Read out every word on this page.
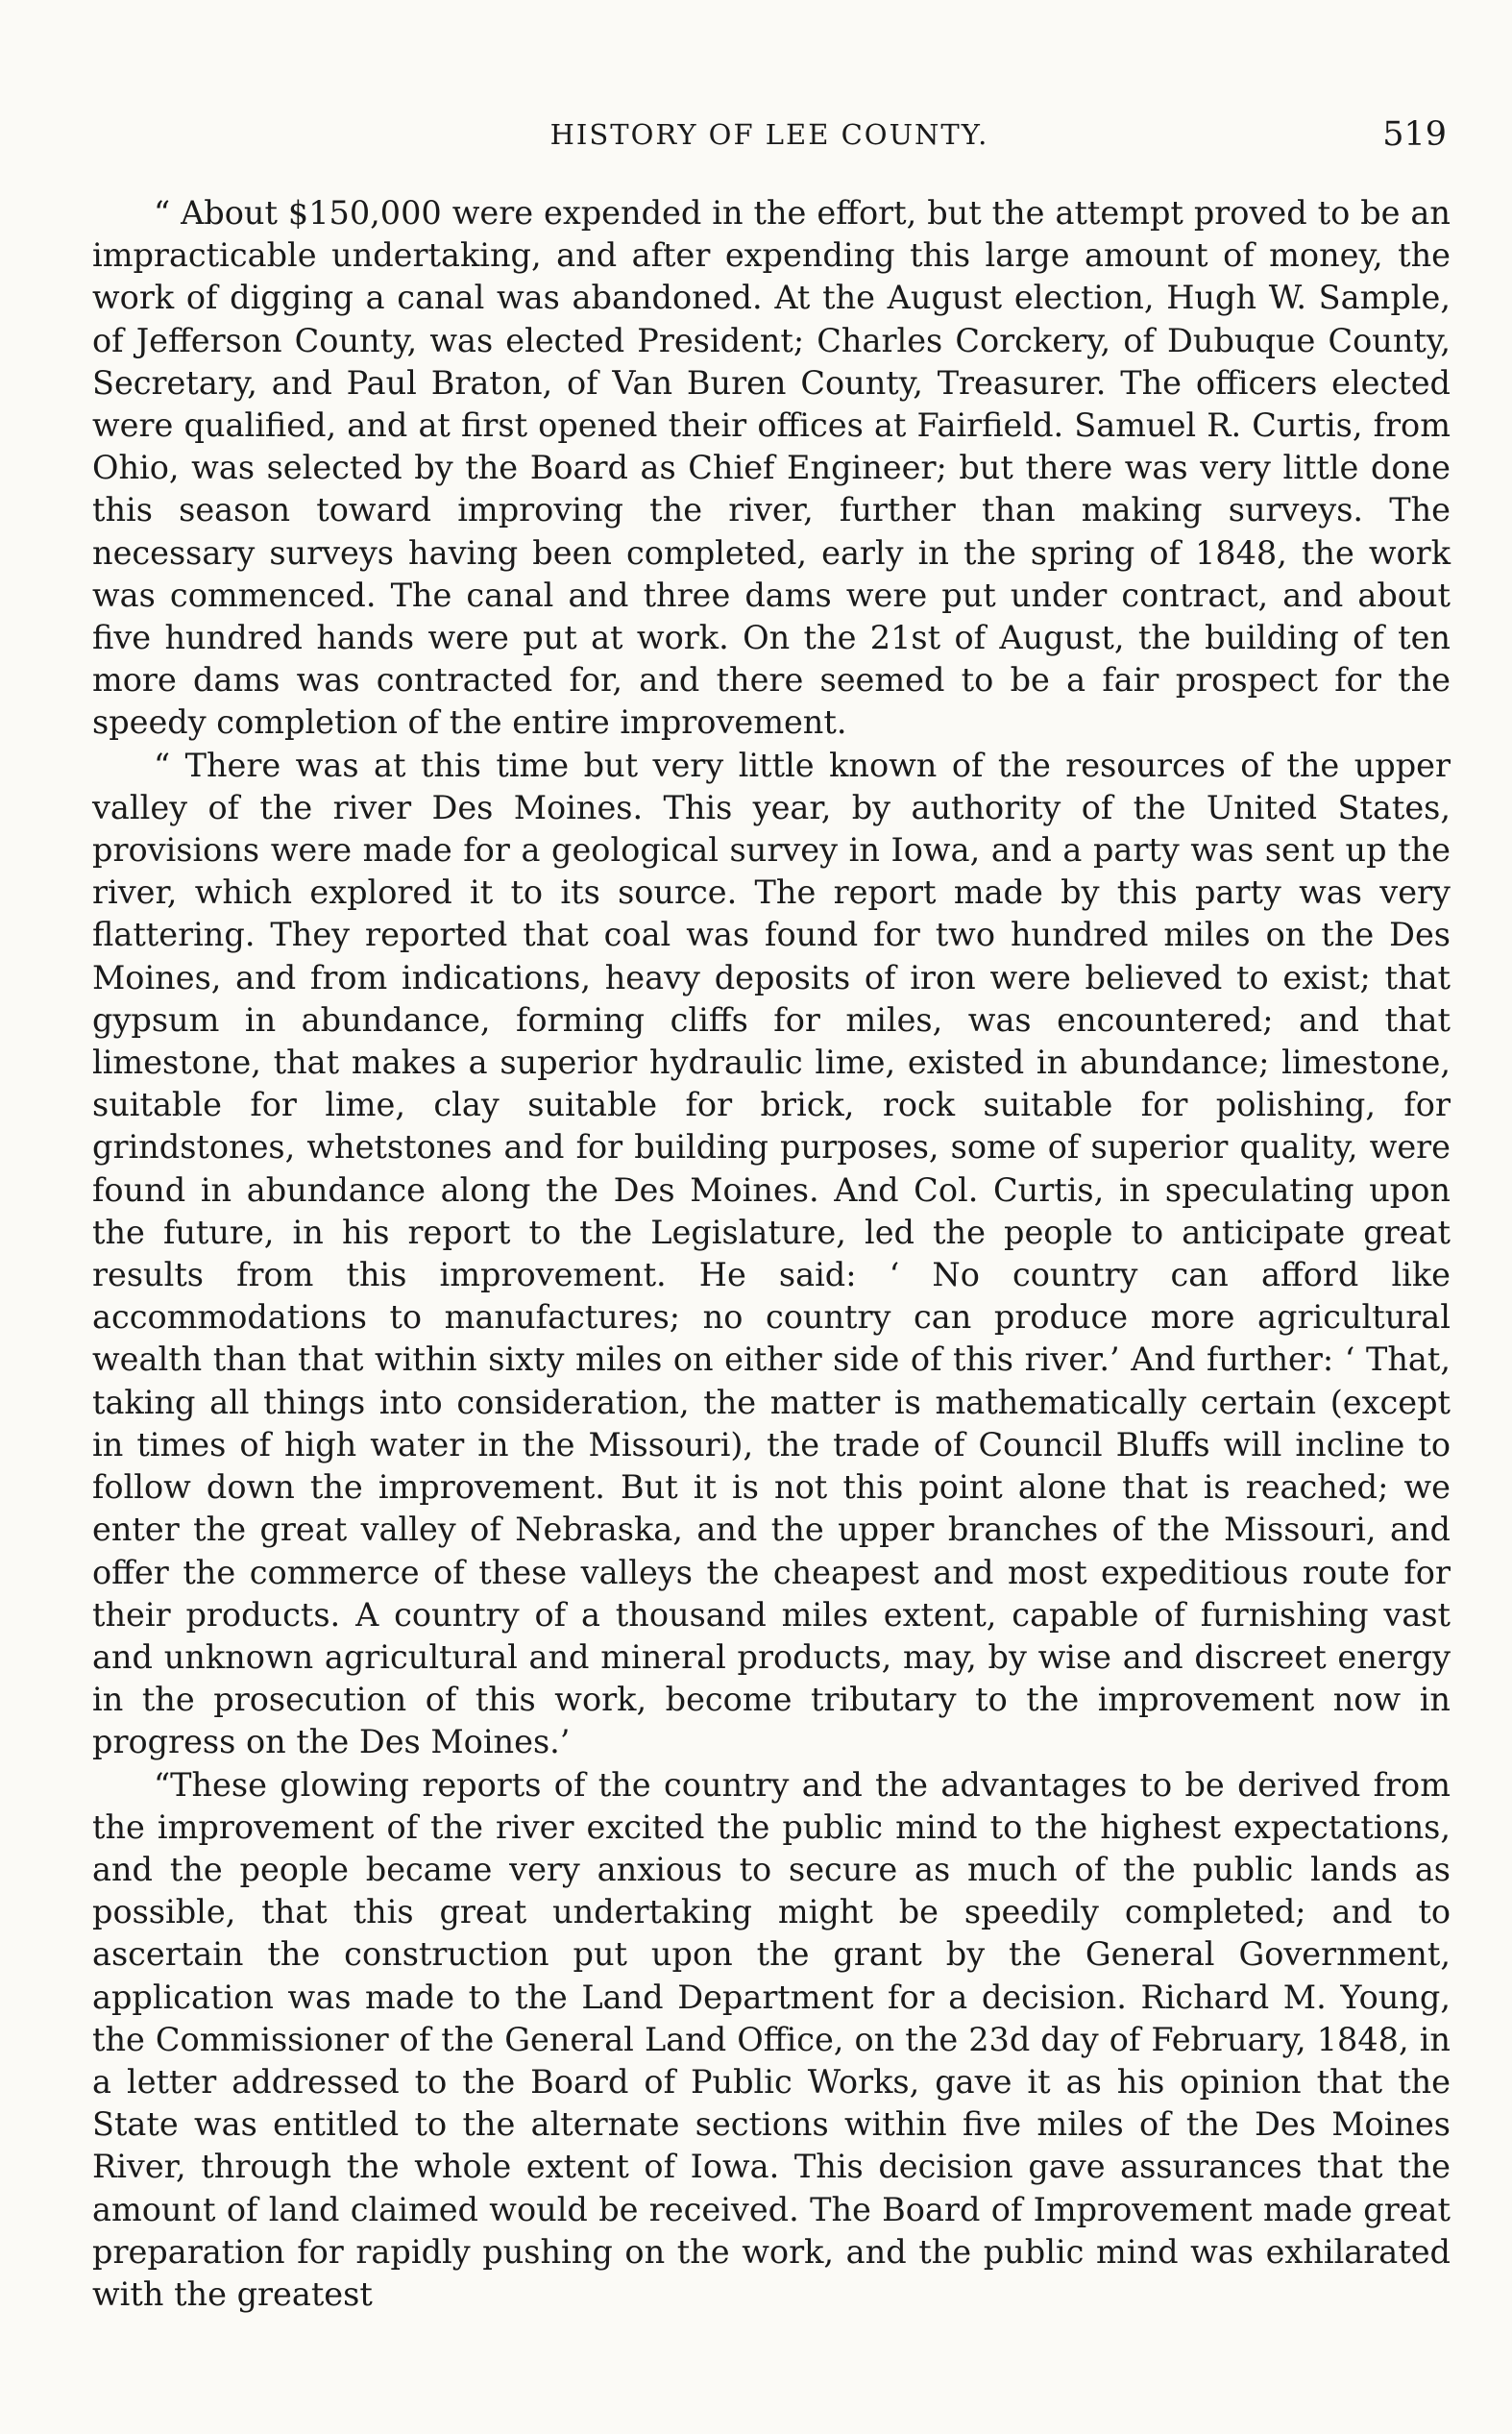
HISTORY OF LEE COUNTY.	519

“ About $150,000 were expended in the effort, but the attempt proved to be an impracticable undertaking, and after expending this large amount of money, the work of digging a canal was abandoned. At the August election, Hugh W. Sample, of Jefferson County, was elected President; Charles Corckery, of Dubuque County, Secretary, and Paul Braton, of Van Buren County, Treasurer. The officers elected were qualified, and at first opened their offices at Fairfield. Samuel R. Curtis, from Ohio, was selected by the Board as Chief Engineer; but there was very little done this season toward improving the river, further than making surveys. The necessary surveys having been completed, early in the spring of 1848, the work was commenced. The canal and three dams were put under contract, and about five hundred hands were put at work. On the 21st of August, the building of ten more dams was contracted for, and there seemed to be a fair prospect for the speedy completion of the entire improvement.

“ There was at this time but very little known of the resources of the upper valley of the river Des Moines. This year, by authority of the United States, provisions were made for a geological survey in Iowa, and a party was sent up the river, which explored it to its source. The report made by this party was very flattering. They reported that coal was found for two hundred miles on the Des Moines, and from indications, heavy deposits of iron were believed to exist; that gypsum in abundance, forming cliffs for miles, was encountered; and that limestone, that makes a superior hydraulic lime, existed in abundance; limestone, suitable for lime, clay suitable for brick, rock suitable for polishing, for grindstones, whetstones and for building purposes, some of superior quality, were found in abundance along the Des Moines. And Col. Curtis, in speculating upon the future, in his report to the Legislature, led the people to anticipate great results from this improvement. He said: ‘ No country can afford like accommodations to manufactures; no country can produce more agricultural wealth than that within sixty miles on either side of this river.’ And further: ‘ That, taking all things into consideration, the matter is mathematically certain (except in times of high water in the Missouri), the trade of Council Bluffs will incline to follow down the improvement. But it is not this point alone that is reached; we enter the great valley of Nebraska, and the upper branches of the Missouri, and offer the commerce of these valleys the cheapest and most expeditious route for their products. A country of a thousand miles extent, capable of furnishing vast and unknown agricultural and mineral products, may, by wise and discreet energy in the prosecution of this work, become tributary to the improvement now in progress on the Des Moines.’

“These glowing reports of the country and the advantages to be derived from the improvement of the river excited the public mind to the highest expectations, and the people became very anxious to secure as much of the public lands as possible, that this great undertaking might be speedily completed; and to ascertain the construction put upon the grant by the General Government, application was made to the Land Department for a decision. Richard M. Young, the Commissioner of the General Land Office, on the 23d day of February, 1848, in a letter addressed to the Board of Public Works, gave it as his opinion that the State was entitled to the alternate sections within five miles of the Des Moines River, through the whole extent of Iowa. This decision gave assurances that the amount of land claimed would be received. The Board of Improvement made great preparation for rapidly pushing on the work, and the public mind was exhilarated with the greatest
